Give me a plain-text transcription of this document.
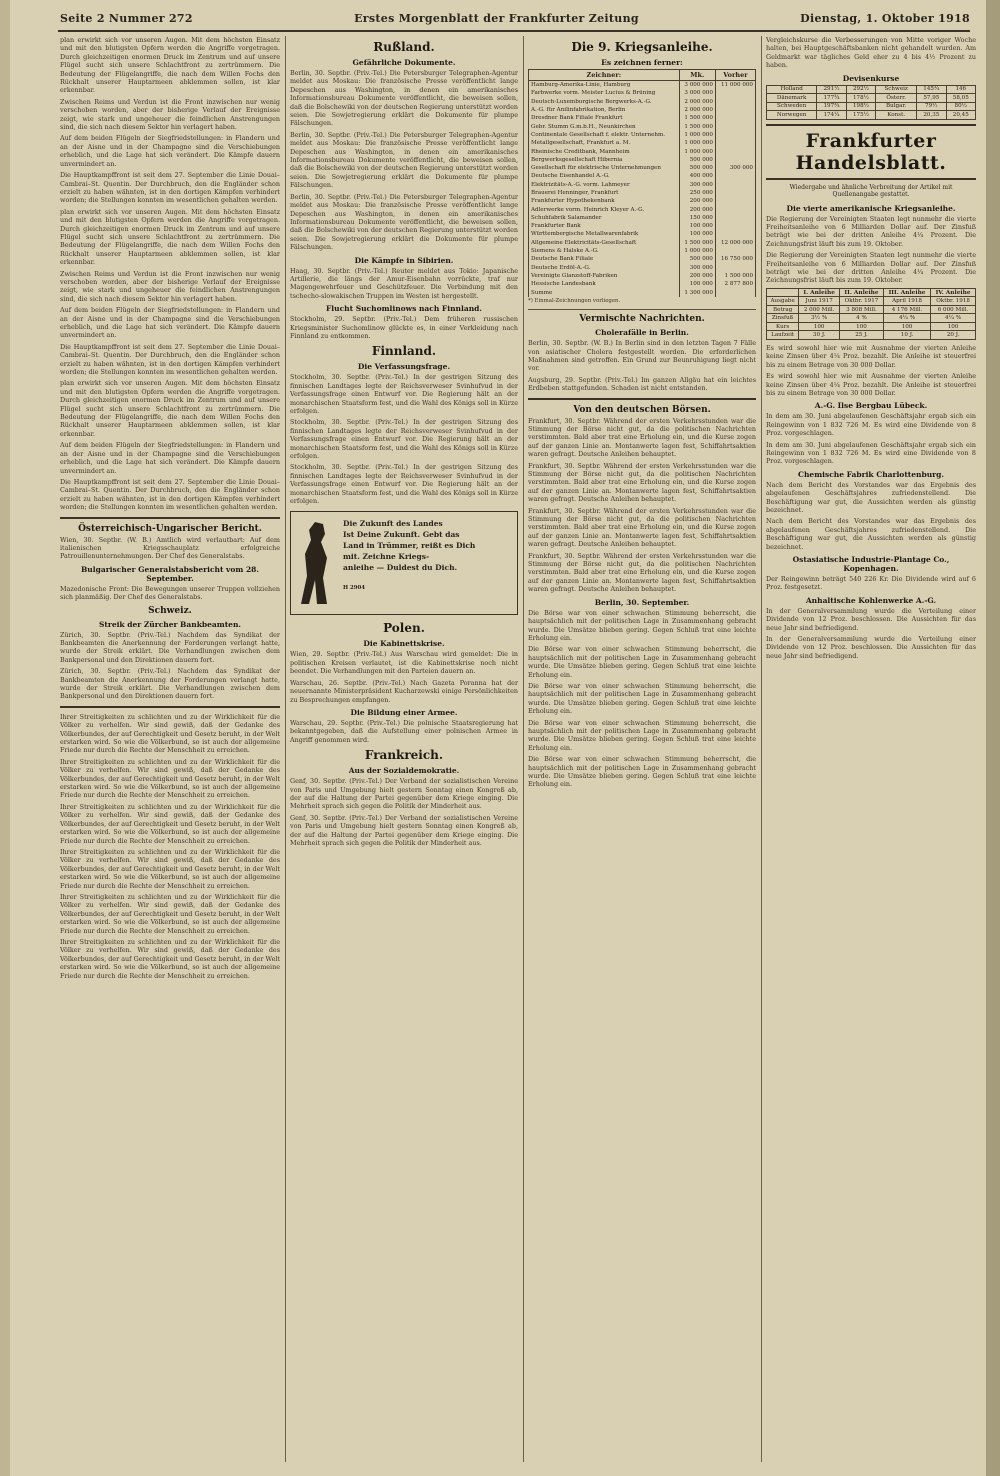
Seite 2 Nummer 272	Erstes Morgenblatt der Frankfurter Zeitung	Dienstag, 1. Oktober 1918

plan erwirkt sich vor unseren Augen. Mit dem höchsten Einsatz und mit den blutigsten Opfern werden die Angriffe vorgetragen. Durch gleichzeitigen enormen Druck im Zentrum und auf unsere Flügel sucht sich unsere Schlachtfront zu zertrümmern. Die Bedeutung der Flügelangriffe, die nach dem Willen Fochs den Rückhalt unserer Hauptarmeen abklemmen sollen, ist klar erkennbar.

Zwischen Reims und Verdun ist die Front inzwischen nur wenig verschoben worden, aber der bisherige Verlauf der Ereignisse zeigt, wie stark und ungeheuer die feindlichen Anstrengungen sind, die sich nach diesem Sektor hin verlagert haben.

Auf dem beiden Flügeln der Siegfriedstellungen: in Flandern und an der Aisne und in der Champagne sind die Verschiebungen erheblich, und die Lage hat sich verändert. Die Kämpfe dauern unvermindert an.

Die Hauptkampffront ist seit dem 27. September die Linie Douai–Cambrai–St. Quentin. Der Durchbruch, den die Engländer schon erzielt zu haben wähnten, ist in den dortigen Kämpfen verhindert worden; die Stellungen konnten im wesentlichen gehalten werden.

plan erwirkt sich vor unseren Augen. Mit dem höchsten Einsatz und mit den blutigsten Opfern werden die Angriffe vorgetragen. Durch gleichzeitigen enormen Druck im Zentrum und auf unsere Flügel sucht sich unsere Schlachtfront zu zertrümmern. Die Bedeutung der Flügelangriffe, die nach dem Willen Fochs den Rückhalt unserer Hauptarmeen abklemmen sollen, ist klar erkennbar.

Zwischen Reims und Verdun ist die Front inzwischen nur wenig verschoben worden, aber der bisherige Verlauf der Ereignisse zeigt, wie stark und ungeheuer die feindlichen Anstrengungen sind, die sich nach diesem Sektor hin verlagert haben.

Auf dem beiden Flügeln der Siegfriedstellungen: in Flandern und an der Aisne und in der Champagne sind die Verschiebungen erheblich, und die Lage hat sich verändert. Die Kämpfe dauern unvermindert an.

Die Hauptkampffront ist seit dem 27. September die Linie Douai–Cambrai–St. Quentin. Der Durchbruch, den die Engländer schon erzielt zu haben wähnten, ist in den dortigen Kämpfen verhindert worden; die Stellungen konnten im wesentlichen gehalten werden.

plan erwirkt sich vor unseren Augen. Mit dem höchsten Einsatz und mit den blutigsten Opfern werden die Angriffe vorgetragen. Durch gleichzeitigen enormen Druck im Zentrum und auf unsere Flügel sucht sich unsere Schlachtfront zu zertrümmern. Die Bedeutung der Flügelangriffe, die nach dem Willen Fochs den Rückhalt unserer Hauptarmeen abklemmen sollen, ist klar erkennbar.

Auf dem beiden Flügeln der Siegfriedstellungen: in Flandern und an der Aisne und in der Champagne sind die Verschiebungen erheblich, und die Lage hat sich verändert. Die Kämpfe dauern unvermindert an.

Die Hauptkampffront ist seit dem 27. September die Linie Douai–Cambrai–St. Quentin. Der Durchbruch, den die Engländer schon erzielt zu haben wähnten, ist in den dortigen Kämpfen verhindert worden; die Stellungen konnten im wesentlichen gehalten werden.

Österreichisch-Ungarischer Bericht.

Wien, 30. Septbr. (W. B.) Amtlich wird verlautbart: Auf dem italienischen Kriegsschauplatz erfolgreiche Patrouillenunternehmungen. Der Chef des Generalstabs.

Bulgarischer Generalstabsbericht vom 28. September.

Mazedonische Front: Die Bewegungen unserer Truppen vollziehen sich planmäßig. Der Chef des Generalstabs.

Schweiz.
Streik der Zürcher Bankbeamten.

Zürich, 30. Septbr. (Priv.-Tel.) Nachdem das Syndikat der Bankbeamten die Anerkennung der Forderungen verlangt hatte, wurde der Streik erklärt. Die Verhandlungen zwischen dem Bankpersonal und den Direktionen dauern fort.

Zürich, 30. Septbr. (Priv.-Tel.) Nachdem das Syndikat der Bankbeamten die Anerkennung der Forderungen verlangt hatte, wurde der Streik erklärt. Die Verhandlungen zwischen dem Bankpersonal und den Direktionen dauern fort.

Ihrer Streitigkeiten zu schlichten und zu der Wirklichkeit für die Völker zu verhelfen. Wir sind gewiß, daß der Gedanke des Völkerbundes, der auf Gerechtigkeit und Gesetz beruht, in der Welt erstarken wird. So wie die Völkerbund, so ist auch der allgemeine Friede nur durch die Rechte der Menschheit zu erreichen.

Ihrer Streitigkeiten zu schlichten und zu der Wirklichkeit für die Völker zu verhelfen. Wir sind gewiß, daß der Gedanke des Völkerbundes, der auf Gerechtigkeit und Gesetz beruht, in der Welt erstarken wird. So wie die Völkerbund, so ist auch der allgemeine Friede nur durch die Rechte der Menschheit zu erreichen.

Ihrer Streitigkeiten zu schlichten und zu der Wirklichkeit für die Völker zu verhelfen. Wir sind gewiß, daß der Gedanke des Völkerbundes, der auf Gerechtigkeit und Gesetz beruht, in der Welt erstarken wird. So wie die Völkerbund, so ist auch der allgemeine Friede nur durch die Rechte der Menschheit zu erreichen.

Ihrer Streitigkeiten zu schlichten und zu der Wirklichkeit für die Völker zu verhelfen. Wir sind gewiß, daß der Gedanke des Völkerbundes, der auf Gerechtigkeit und Gesetz beruht, in der Welt erstarken wird. So wie die Völkerbund, so ist auch der allgemeine Friede nur durch die Rechte der Menschheit zu erreichen.

Ihrer Streitigkeiten zu schlichten und zu der Wirklichkeit für die Völker zu verhelfen. Wir sind gewiß, daß der Gedanke des Völkerbundes, der auf Gerechtigkeit und Gesetz beruht, in der Welt erstarken wird. So wie die Völkerbund, so ist auch der allgemeine Friede nur durch die Rechte der Menschheit zu erreichen.

Ihrer Streitigkeiten zu schlichten und zu der Wirklichkeit für die Völker zu verhelfen. Wir sind gewiß, daß der Gedanke des Völkerbundes, der auf Gerechtigkeit und Gesetz beruht, in der Welt erstarken wird. So wie die Völkerbund, so ist auch der allgemeine Friede nur durch die Rechte der Menschheit zu erreichen.

Rußland.
Gefährliche Dokumente.

Berlin, 30. Septbr. (Priv.-Tel.) Die Petersburger Telegraphen-Agentur meldet aus Moskau: Die französische Presse veröffentlicht lange Depeschen aus Washington, in denen ein amerikanisches Informationsbureau Dokumente veröffentlicht, die beweisen sollen, daß die Bolschewiki von der deutschen Regierung unterstützt worden seien. Die Sowjetregierung erklärt die Dokumente für plumpe Fälschungen.

Berlin, 30. Septbr. (Priv.-Tel.) Die Petersburger Telegraphen-Agentur meldet aus Moskau: Die französische Presse veröffentlicht lange Depeschen aus Washington, in denen ein amerikanisches Informationsbureau Dokumente veröffentlicht, die beweisen sollen, daß die Bolschewiki von der deutschen Regierung unterstützt worden seien. Die Sowjetregierung erklärt die Dokumente für plumpe Fälschungen.

Berlin, 30. Septbr. (Priv.-Tel.) Die Petersburger Telegraphen-Agentur meldet aus Moskau: Die französische Presse veröffentlicht lange Depeschen aus Washington, in denen ein amerikanisches Informationsbureau Dokumente veröffentlicht, die beweisen sollen, daß die Bolschewiki von der deutschen Regierung unterstützt worden seien. Die Sowjetregierung erklärt die Dokumente für plumpe Fälschungen.

Die Kämpfe in Sibirien.

Haag, 30. Septbr. (Priv.-Tel.) Reuter meldet aus Tokio: Japanische Artillerie, die längs der Amur-Eisenbahn vorrückte, traf nur Magengewehrfeuer und Geschützfeuer. Die Verbindung mit den tschecho-slowakischen Truppen im Westen ist hergestellt.

Flucht Suchomlinows nach Finnland.

Stockholm, 29. Septbr. (Priv.-Tel.) Dem früheren russischen Kriegsminister Suchomlinow glückte es, in einer Verkleidung nach Finnland zu entkommen.

Finnland.
Die Verfassungsfrage.

Stockholm, 30. Septbr. (Priv.-Tel.) In der gestrigen Sitzung des finnischen Landtages legte der Reichsverweser Svinhufvud in der Verfassungsfrage einen Entwurf vor. Die Regierung hält an der monarchischen Staatsform fest, und die Wahl des Königs soll in Kürze erfolgen.

Stockholm, 30. Septbr. (Priv.-Tel.) In der gestrigen Sitzung des finnischen Landtages legte der Reichsverweser Svinhufvud in der Verfassungsfrage einen Entwurf vor. Die Regierung hält an der monarchischen Staatsform fest, und die Wahl des Königs soll in Kürze erfolgen.

Stockholm, 30. Septbr. (Priv.-Tel.) In der gestrigen Sitzung des finnischen Landtages legte der Reichsverweser Svinhufvud in der Verfassungsfrage einen Entwurf vor. Die Regierung hält an der monarchischen Staatsform fest, und die Wahl des Königs soll in Kürze erfolgen.

Die Zukunft des Landes
Ist Deine Zukunft. Gebt das
Land in Trümmer, reißt es Dich
mit. Zeichne Kriegs-
anleihe — Duldest du Dich.
H 2904
Polen.
Die Kabinettskrise.

Wien, 29. Septbr. (Priv.-Tel.) Aus Warschau wird gemeldet: Die in politischen Kreisen verlautet, ist die Kabinettskrise noch nicht beendet. Die Verhandlungen mit den Parteien dauern an.

Warschau, 26. Septbr. (Priv.-Tel.) Nach Gazeta Poranna hat der neuernannte Ministerpräsident Kucharzewski einige Persönlichkeiten zu Besprechungen empfangen.

Die Bildung einer Armee.

Warschau, 29. Septbr. (Priv.-Tel.) Die polnische Staatsregierung hat bekanntgegeben, daß die Aufstellung einer polnischen Armee in Angriff genommen wird.

Frankreich.
Aus der Sozialdemokratie.

Genf, 30. Septbr. (Priv.-Tel.) Der Verband der sozialistischen Vereine von Paris und Umgebung hielt gestern Sonntag einen Kongreß ab, der auf die Haltung der Partei gegenüber dem Kriege einging. Die Mehrheit sprach sich gegen die Politik der Minderheit aus.

Genf, 30. Septbr. (Priv.-Tel.) Der Verband der sozialistischen Vereine von Paris und Umgebung hielt gestern Sonntag einen Kongreß ab, der auf die Haltung der Partei gegenüber dem Kriege einging. Die Mehrheit sprach sich gegen die Politik der Minderheit aus.

Die 9. Kriegsanleihe.
Es zeichnen ferner:
Zeichner:	Mk.	Vorher
Hamburg-Amerika-Linie, Hamburg	3 000 000	11 000 000
Farbwerke vorm. Meister Lucius & Brüning	3 000 000	
Deutsch-Luxemburgische Bergwerks-A.-G.	2 000 000	
A.-G. für Anilinfabrikation, Berlin	2 000 000	
Dresdner Bank Filiale Frankfurt	1 500 000	
Gebr. Stumm G.m.b.H., Neunkirchen	1 500 000	
Continentale Gesellschaft f. elektr. Unternehm.	1 000 000	
Metallgesellschaft, Frankfurt a. M.	1 000 000	
Rheinische Creditbank, Mannheim	1 000 000	
Bergwerksgesellschaft Hibernia	500 000	
Gesellschaft für elektrische Unternehmungen	500 000	300 000
Deutsche Eisenhandel A.-G.	400 000	
Elektrizitäts-A.-G. vorm. Lahmeyer	300 000	
Brauerei Henninger, Frankfurt	250 000	
Frankfurter Hypothekenbank	200 000	
Adlerwerke vorm. Heinrich Kleyer A.-G.	200 000	
Schuhfabrik Salamander	150 000	
Frankfurter Bank	100 000	
Württembergische Metallwarenfabrik	100 000	
Allgemeine Elektricitäts-Gesellschaft	1 500 000	12 000 000
Siemens & Halske A.-G.	1 000 000	
Deutsche Bank Filiale	500 000	16 750 000
Deutsche Erdöl-A.-G.	300 000	
Vereinigte Glanzstoff-Fabriken	200 000	1 500 000
Hessische Landesbank	100 000	2 877 800
Summe	1 300 000	

*) Einmal-Zeichnungen vorliegen.

Vermischte Nachrichten.
Cholerafälle in Berlin.

Berlin, 30. Septbr. (W. B.) In Berlin sind in den letzten Tagen 7 Fälle von asiatischer Cholera festgestellt worden. Die erforderlichen Maßnahmen sind getroffen. Ein Grund zur Beunruhigung liegt nicht vor.

Augsburg, 29. Septbr. (Priv.-Tel.) Im ganzen Allgäu hat ein leichtes Erdbeben stattgefunden. Schaden ist nicht entstanden.

Von den deutschen Börsen.

Frankfurt, 30. Septbr. Während der ersten Verkehrsstunden war die Stimmung der Börse nicht gut, da die politischen Nachrichten verstimmten. Bald aber trat eine Erholung ein, und die Kurse zogen auf der ganzen Linie an. Montanwerte lagen fest, Schiffahrtsaktien waren gefragt. Deutsche Anleihen behauptet.

Frankfurt, 30. Septbr. Während der ersten Verkehrsstunden war die Stimmung der Börse nicht gut, da die politischen Nachrichten verstimmten. Bald aber trat eine Erholung ein, und die Kurse zogen auf der ganzen Linie an. Montanwerte lagen fest, Schiffahrtsaktien waren gefragt. Deutsche Anleihen behauptet.

Frankfurt, 30. Septbr. Während der ersten Verkehrsstunden war die Stimmung der Börse nicht gut, da die politischen Nachrichten verstimmten. Bald aber trat eine Erholung ein, und die Kurse zogen auf der ganzen Linie an. Montanwerte lagen fest, Schiffahrtsaktien waren gefragt. Deutsche Anleihen behauptet.

Frankfurt, 30. Septbr. Während der ersten Verkehrsstunden war die Stimmung der Börse nicht gut, da die politischen Nachrichten verstimmten. Bald aber trat eine Erholung ein, und die Kurse zogen auf der ganzen Linie an. Montanwerte lagen fest, Schiffahrtsaktien waren gefragt. Deutsche Anleihen behauptet.

Berlin, 30. September.

Die Börse war von einer schwachen Stimmung beherrscht, die hauptsächlich mit der politischen Lage in Zusammenhang gebracht wurde. Die Umsätze blieben gering. Gegen Schluß trat eine leichte Erholung ein.

Die Börse war von einer schwachen Stimmung beherrscht, die hauptsächlich mit der politischen Lage in Zusammenhang gebracht wurde. Die Umsätze blieben gering. Gegen Schluß trat eine leichte Erholung ein.

Die Börse war von einer schwachen Stimmung beherrscht, die hauptsächlich mit der politischen Lage in Zusammenhang gebracht wurde. Die Umsätze blieben gering. Gegen Schluß trat eine leichte Erholung ein.

Die Börse war von einer schwachen Stimmung beherrscht, die hauptsächlich mit der politischen Lage in Zusammenhang gebracht wurde. Die Umsätze blieben gering. Gegen Schluß trat eine leichte Erholung ein.

Die Börse war von einer schwachen Stimmung beherrscht, die hauptsächlich mit der politischen Lage in Zusammenhang gebracht wurde. Die Umsätze blieben gering. Gegen Schluß trat eine leichte Erholung ein.

Vergleichskurse die Verbesserungen von Mitte voriger Woche halten, bei Hauptgeschäftsbanken nicht gehandelt wurden. Am Geldmarkt war tägliches Geld eher zu 4 bis 4½ Prozent zu haben.

Devisenkurse
Holland	291½	292½	Schweiz	145¾	146
Dänemark	177¾	178½	Österr.	57,95	58,05
Schweden	197¾	198½	Bulgar.	79½	80½
Norwegen	174¼	175½	Konst.	20,35	20,45
Frankfurter Handelsblatt.
Wiedergabe und ähnliche Verbreitung der Artikel mit Quellenangabe gestattet.
Die vierte amerikanische Kriegsanleihe.

Die Regierung der Vereinigten Staaten legt nunmehr die vierte Freiheitsanleihe von 6 Milliarden Dollar auf. Der Zinsfuß beträgt wie bei der dritten Anleihe 4¼ Prozent. Die Zeichnungsfrist läuft bis zum 19. Oktober.

Die Regierung der Vereinigten Staaten legt nunmehr die vierte Freiheitsanleihe von 6 Milliarden Dollar auf. Der Zinsfuß beträgt wie bei der dritten Anleihe 4¼ Prozent. Die Zeichnungsfrist läuft bis zum 19. Oktober.

	I. Anleihe	II. Anleihe	III. Anleihe	IV. Anleihe
Ausgabe	Juni 1917	Oktbr. 1917	April 1918	Oktbr. 1918
Betrag	2 000 Mill.	3 808 Mill.	4 176 Mill.	6 000 Mill.
Zinsfuß	3½ %	4 %	4¼ %	4¼ %
Kurs	100	100	100	100
Laufzeit	30 J.	25 J.	10 J.	20 J.

Es wird sowohl hier wie mit Ausnahme der vierten Anleihe keine Zinsen über 4¼ Proz. bezahlt. Die Anleihe ist steuerfrei bis zu einem Betrage von 30 000 Dollar.

Es wird sowohl hier wie mit Ausnahme der vierten Anleihe keine Zinsen über 4¼ Proz. bezahlt. Die Anleihe ist steuerfrei bis zu einem Betrage von 30 000 Dollar.

A.-G. Ilse Bergbau Lübeck.

In dem am 30. Juni abgelaufenen Geschäftsjahr ergab sich ein Reingewinn von 1 832 726 M. Es wird eine Dividende von 8 Proz. vorgeschlagen.

In dem am 30. Juni abgelaufenen Geschäftsjahr ergab sich ein Reingewinn von 1 832 726 M. Es wird eine Dividende von 8 Proz. vorgeschlagen.

Chemische Fabrik Charlottenburg.

Nach dem Bericht des Vorstandes war das Ergebnis des abgelaufenen Geschäftsjahres zufriedenstellend. Die Beschäftigung war gut, die Aussichten werden als günstig bezeichnet.

Nach dem Bericht des Vorstandes war das Ergebnis des abgelaufenen Geschäftsjahres zufriedenstellend. Die Beschäftigung war gut, die Aussichten werden als günstig bezeichnet.

Ostasiatische Industrie-Plantage Co., Kopenhagen.

Der Reingewinn beträgt 540 226 Kr. Die Dividende wird auf 6 Proz. festgesetzt.

Anhaltische Kohlenwerke A.-G.

In der Generalversammlung wurde die Verteilung einer Dividende von 12 Proz. beschlossen. Die Aussichten für das neue Jahr sind befriedigend.

In der Generalversammlung wurde die Verteilung einer Dividende von 12 Proz. beschlossen. Die Aussichten für das neue Jahr sind befriedigend.
